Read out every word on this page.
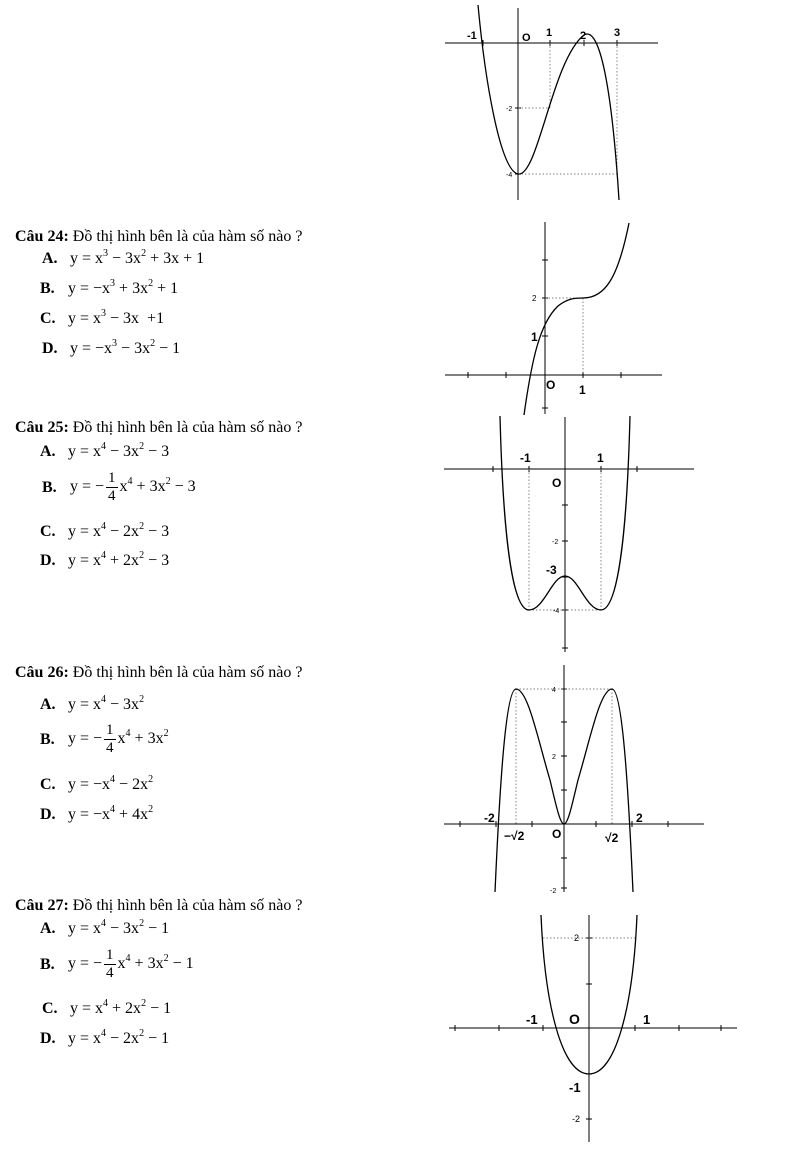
-1	O 1	2	3
-2
-4
Câu 24: Đồ thị hình bên là của hàm số nào ?
A. $y = x^3 - 3x^2 + 3x + 1$
B. $y = -x^3 + 3x^2 + 1$
C. $y = x^3 - 3x +1$
D. $y = -x^3 - 3x^2 - 1$
2
1
O 1
Câu 25: Đồ thị hình bên là của hàm số nào ?
A. $y = x^4 - 3x^2 - 3$
B. y = − $\frac{1}{4} x^4 + 3x^2 - 3$
C. $y = x^4 - 2x^2 - 3$
D. $y = x^4 + 2x^2 - 3$
-1	1
O
-2
-3
-4
Câu 26: Đồ thị hình bên là của hàm số nào ?
A. $y = x^4 - 3x^2$
B. y = − $\frac{1}{4} x^4 + 3x^2$
C. $y = -x^4 - 2x^2$
D. $y = -x^4 + 4x^2$
4
2
-2
-2	2
O
−√2	√2
Câu 27: Đồ thị hình bên là của hàm số nào ?
A. $y = x^4 - 3x^2 - 1$
B. y = − $\frac{1}{4} x^4 + 3x^2 - 1$
C. $y = x^4 + 2x^2 - 1$
D. $y = x^4 - 2x^2 - 1$
2
-1 O	1
-1
-2
